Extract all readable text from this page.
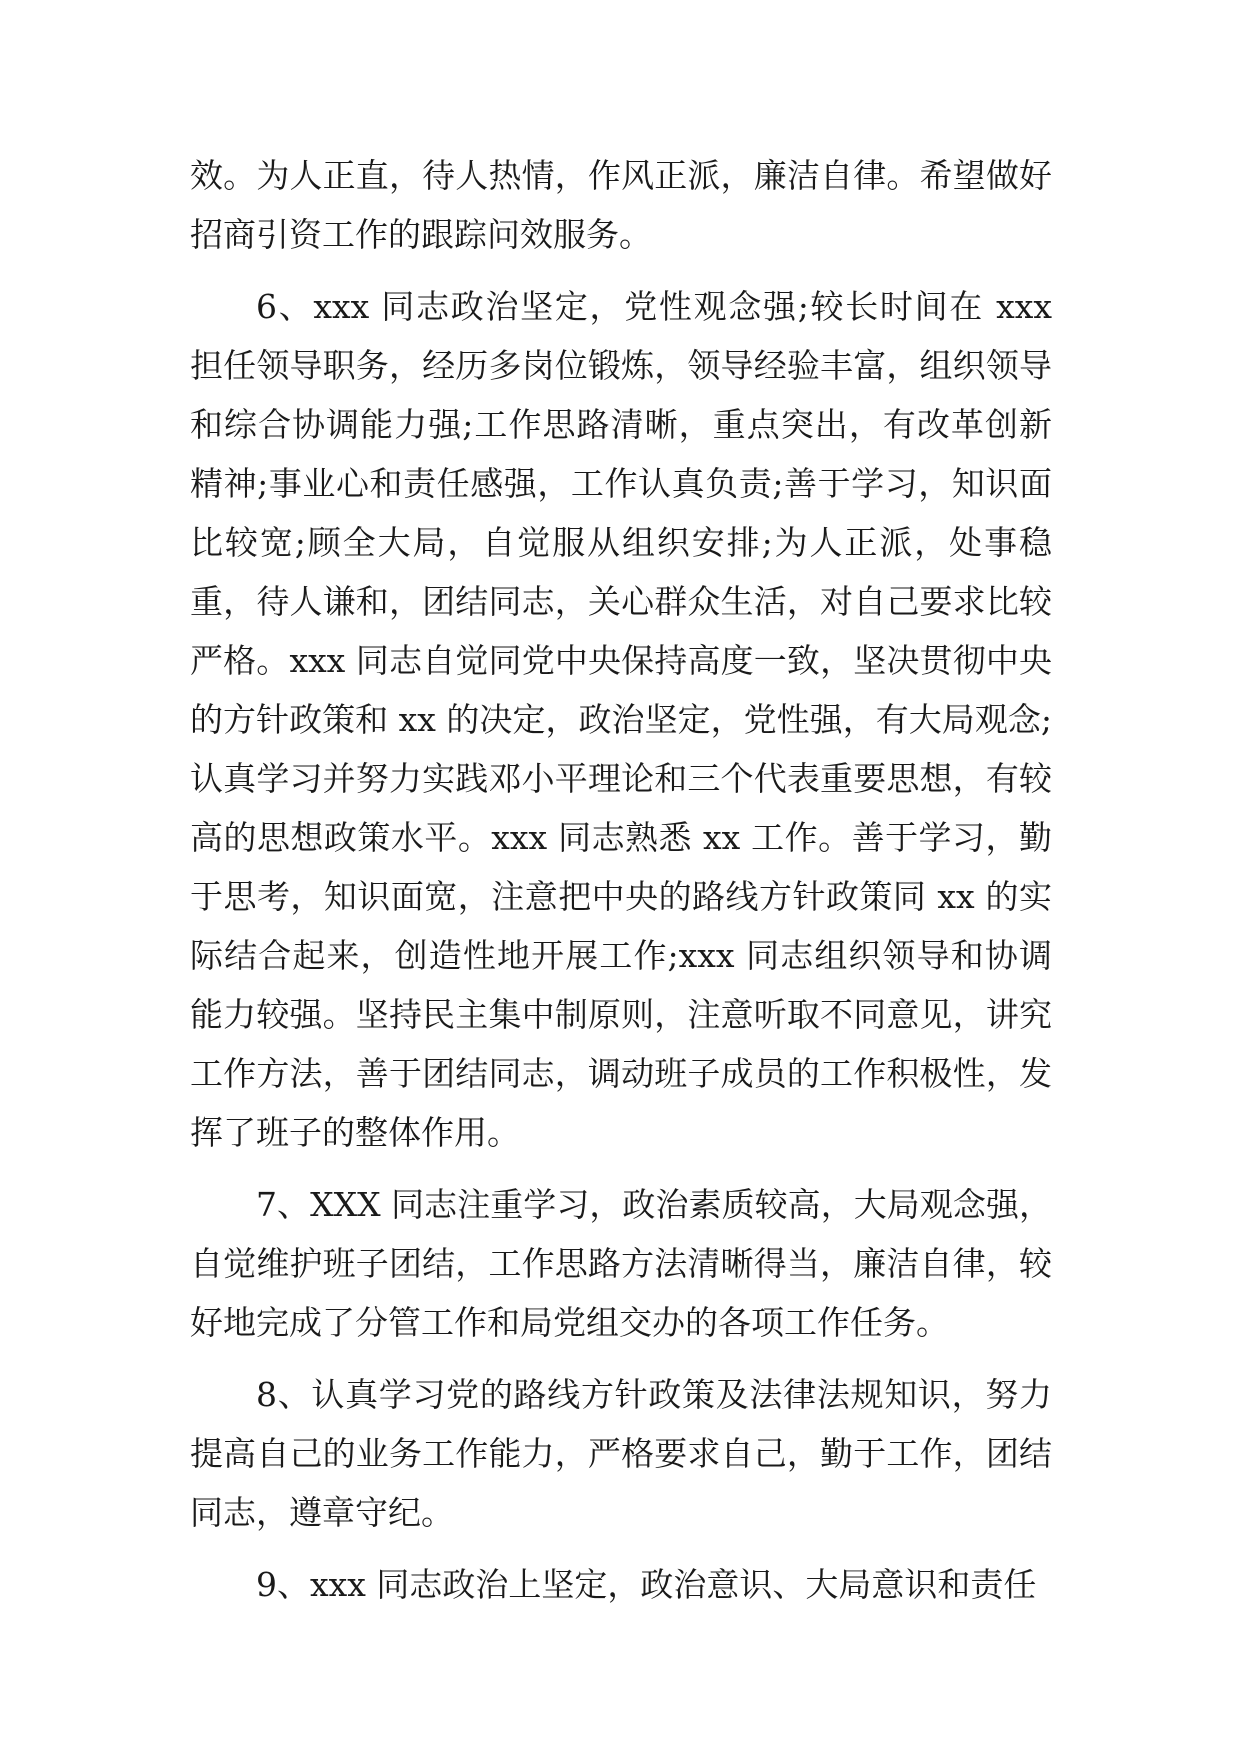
效。为人正直，待人热情，作风正派，廉洁自律。希望做好招商引资工作的跟踪问效服务。

6、xxx 同志政治坚定，党性观念强;较长时间在 xxx 担任领导职务，经历多岗位锻炼，领导经验丰富，组织领导和综合协调能力强;工作思路清晰，重点突出，有改革创新精神;事业心和责任感强，工作认真负责;善于学习，知识面比较宽;顾全大局，自觉服从组织安排;为人正派，处事稳重，待人谦和，团结同志，关心群众生活，对自己要求比较严格。xxx 同志自觉同党中央保持高度一致，坚决贯彻中央的方针政策和 xx 的决定，政治坚定，党性强，有大局观念;认真学习并努力实践邓小平理论和三个代表重要思想，有较高的思想政策水平。xxx 同志熟悉 xx 工作。善于学习，勤于思考，知识面宽，注意把中央的路线方针政策同 xx 的实际结合起来，创造性地开展工作;xxx 同志组织领导和协调能力较强。坚持民主集中制原则，注意听取不同意见，讲究工作方法，善于团结同志，调动班子成员的工作积极性，发挥了班子的整体作用。

7、XXX 同志注重学习，政治素质较高，大局观念强，自觉维护班子团结，工作思路方法清晰得当，廉洁自律，较好地完成了分管工作和局党组交办的各项工作任务。

8、认真学习党的路线方针政策及法律法规知识，努力提高自己的业务工作能力，严格要求自己，勤于工作，团结同志，遵章守纪。

9、xxx 同志政治上坚定，政治意识、大局意识和责任
